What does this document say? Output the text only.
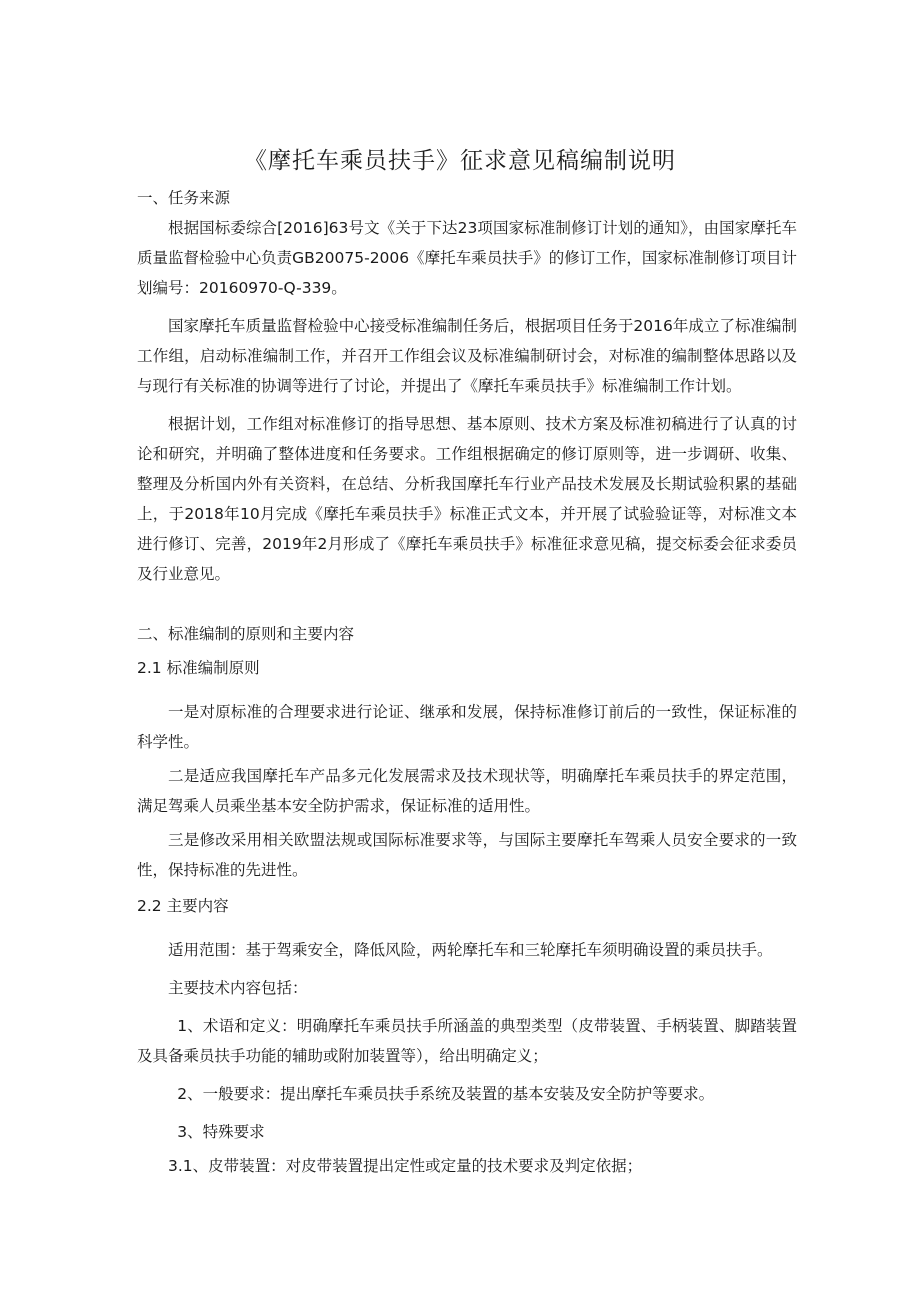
《摩托车乘员扶手》征求意见稿编制说明
一、任务来源

根据国标委综合[2016]63号文《关于下达23项国家标准制修订计划的通知》，由国家摩托车质量监督检验中心负责GB20075-2006《摩托车乘员扶手》的修订工作，国家标准制修订项目计划编号：20160970-Q-339。

国家摩托车质量监督检验中心接受标准编制任务后，根据项目任务于2016年成立了标准编制工作组，启动标准编制工作，并召开工作组会议及标准编制研讨会，对标准的编制整体思路以及与现行有关标准的协调等进行了讨论，并提出了《摩托车乘员扶手》标准编制工作计划。

根据计划，工作组对标准修订的指导思想、基本原则、技术方案及标准初稿进行了认真的讨论和研究，并明确了整体进度和任务要求。工作组根据确定的修订原则等，进一步调研、收集、整理及分析国内外有关资料，在总结、分析我国摩托车行业产品技术发展及长期试验积累的基础上，于2018年10月完成《摩托车乘员扶手》标准正式文本，并开展了试验验证等，对标准文本进行修订、完善，2019年2月形成了《摩托车乘员扶手》标准征求意见稿，提交标委会征求委员及行业意见。

二、标准编制的原则和主要内容
2.1 标准编制原则

一是对原标准的合理要求进行论证、继承和发展，保持标准修订前后的一致性，保证标准的科学性。

二是适应我国摩托车产品多元化发展需求及技术现状等，明确摩托车乘员扶手的界定范围，满足驾乘人员乘坐基本安全防护需求，保证标准的适用性。

三是修改采用相关欧盟法规或国际标准要求等，与国际主要摩托车驾乘人员安全要求的一致性，保持标准的先进性。

2.2 主要内容

适用范围：基于驾乘安全，降低风险，两轮摩托车和三轮摩托车须明确设置的乘员扶手。

主要技术内容包括：

1、术语和定义：明确摩托车乘员扶手所涵盖的典型类型（皮带装置、手柄装置、脚踏装置及具备乘员扶手功能的辅助或附加装置等），给出明确定义；

2、一般要求：提出摩托车乘员扶手系统及装置的基本安装及安全防护等要求。

3、特殊要求

3.1、皮带装置：对皮带装置提出定性或定量的技术要求及判定依据；
